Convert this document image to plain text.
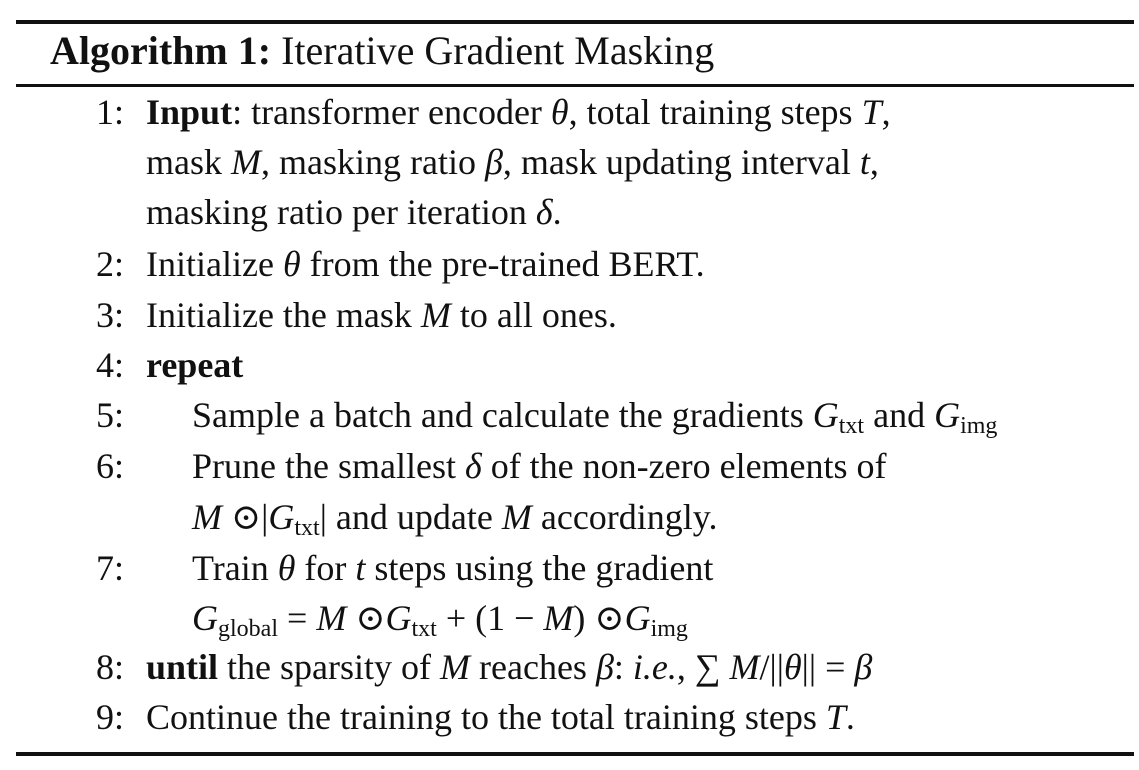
Algorithm 1: Iterative Gradient Masking
1: Input: transformer encoder θ, total training steps T,
mask M, masking ratio β, mask updating interval t,
masking ratio per iteration δ.
2: Initialize θ from the pre-trained BERT.
3: Initialize the mask M to all ones.
4: repeat
5:	Sample a batch and calculate the gradients $G_{txt}$ and $G_{img}$
6:	Prune the smallest δ of the non-zero elements of
M $⊙|G_{txt}|$ and update M accordingly.
7:	Train θ for t steps using the gradient
$G_{global} = M$ $⊙G_{txt} + (1 - M)$ $⊙G_{img}$
8: until the sparsity of M reaches β: i.e., ∑ M/||θ|| = β
9: Continue the training to the total training steps T.
